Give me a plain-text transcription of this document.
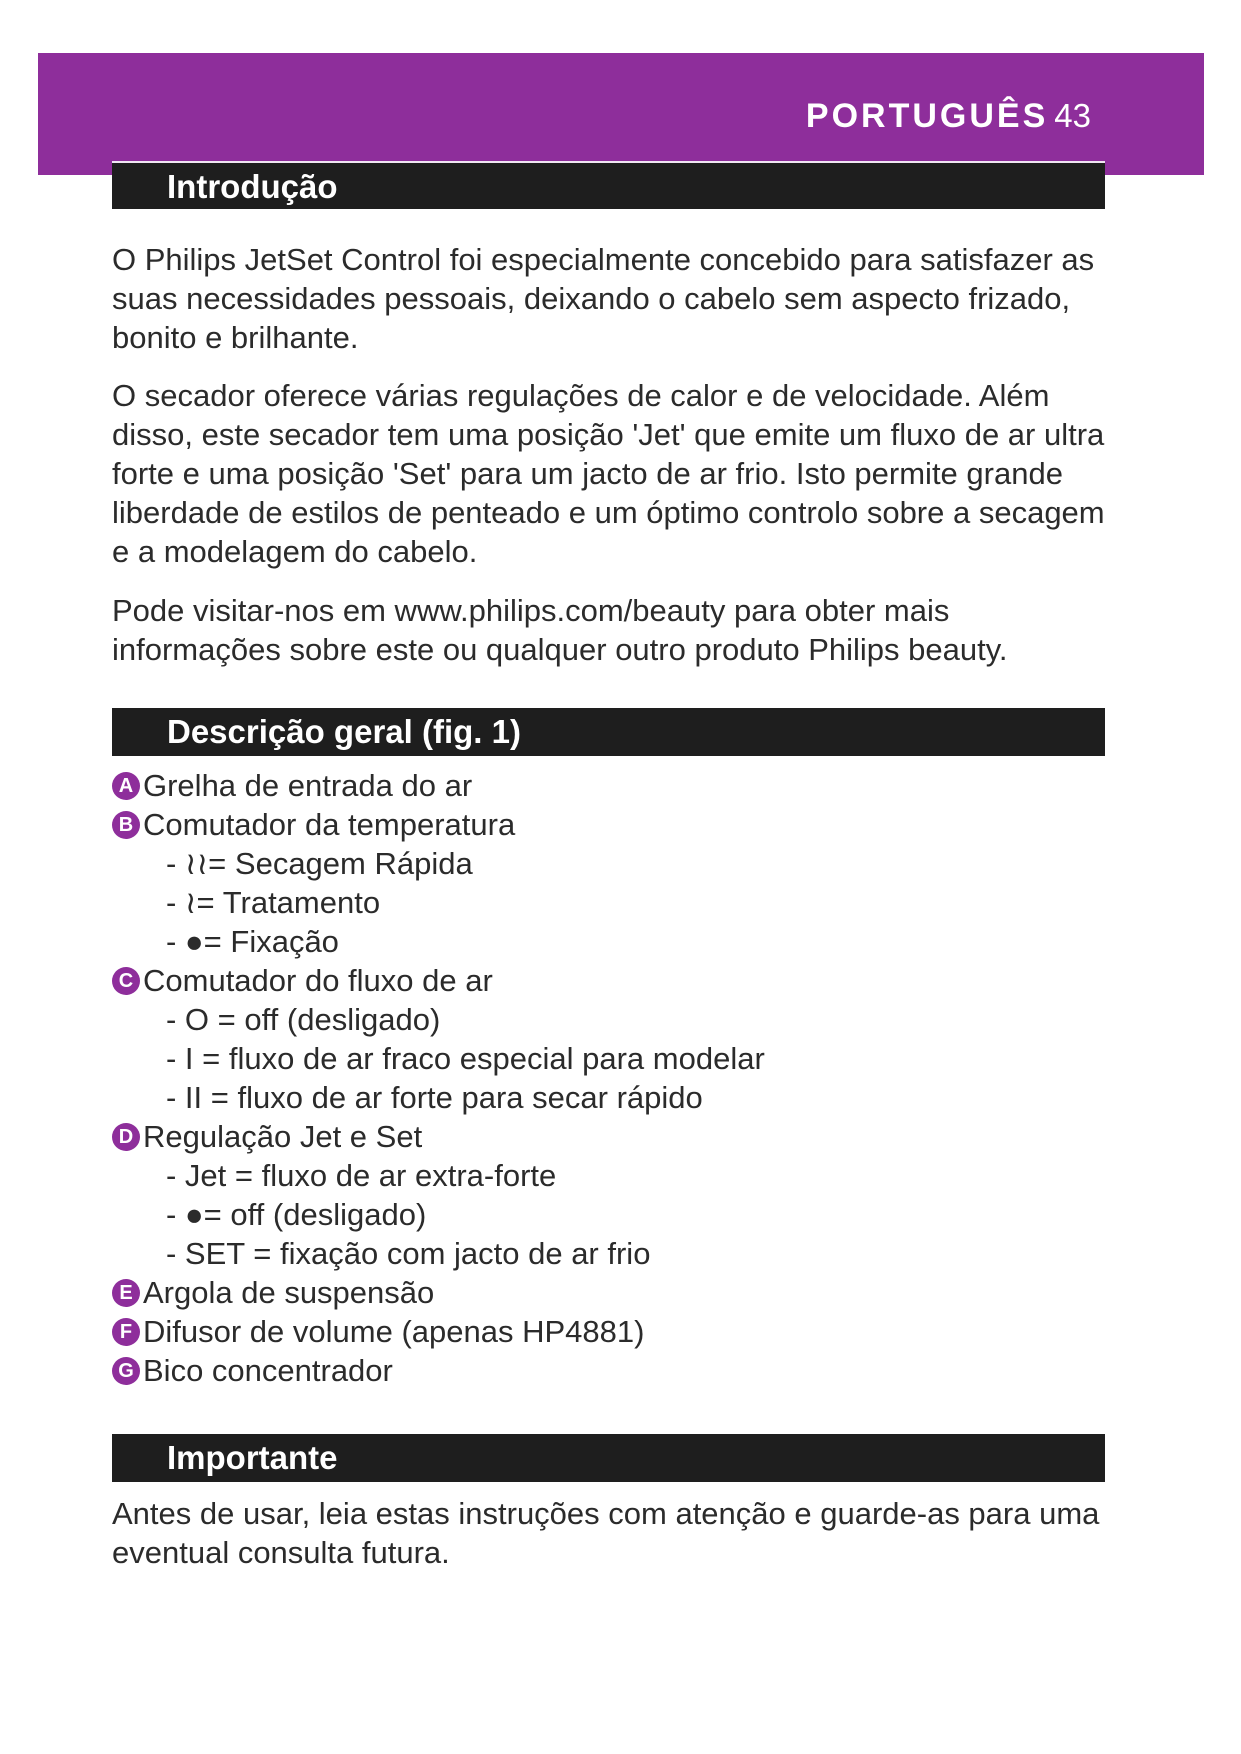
PORTUGUÊS 43
Introdução

O Philips JetSet Control foi especialmente concebido para satisfazer as suas necessidades pessoais, deixando o cabelo sem aspecto frizado, bonito e brilhante.

O secador oferece várias regulações de calor e de velocidade. Além disso, este secador tem uma posição 'Jet' que emite um fluxo de ar ultra forte e uma posição 'Set' para um jacto de ar frio. Isto permite grande liberdade de estilos de penteado e um óptimo controlo sobre a secagem e a modelagem do cabelo.

Pode visitar-nos em www.philips.com/beauty para obter mais informações sobre este ou qualquer outro produto Philips beauty.

Descrição geral (fig. 1)
A Grelha de entrada do ar
B Comutador da temperatura
- ≀≀= Secagem Rápida
- ≀= Tratamento
- ●= Fixação
C Comutador do fluxo de ar
- O = off (desligado)
- I = fluxo de ar fraco especial para modelar
- II = fluxo de ar forte para secar rápido
D Regulação Jet e Set
- Jet = fluxo de ar extra-forte
- ●= off (desligado)
- SET = fixação com jacto de ar frio
E Argola de suspensão
F Difusor de volume (apenas HP4881)
G Bico concentrador
Importante

Antes de usar, leia estas instruções com atenção e guarde-as para uma eventual consulta futura.
